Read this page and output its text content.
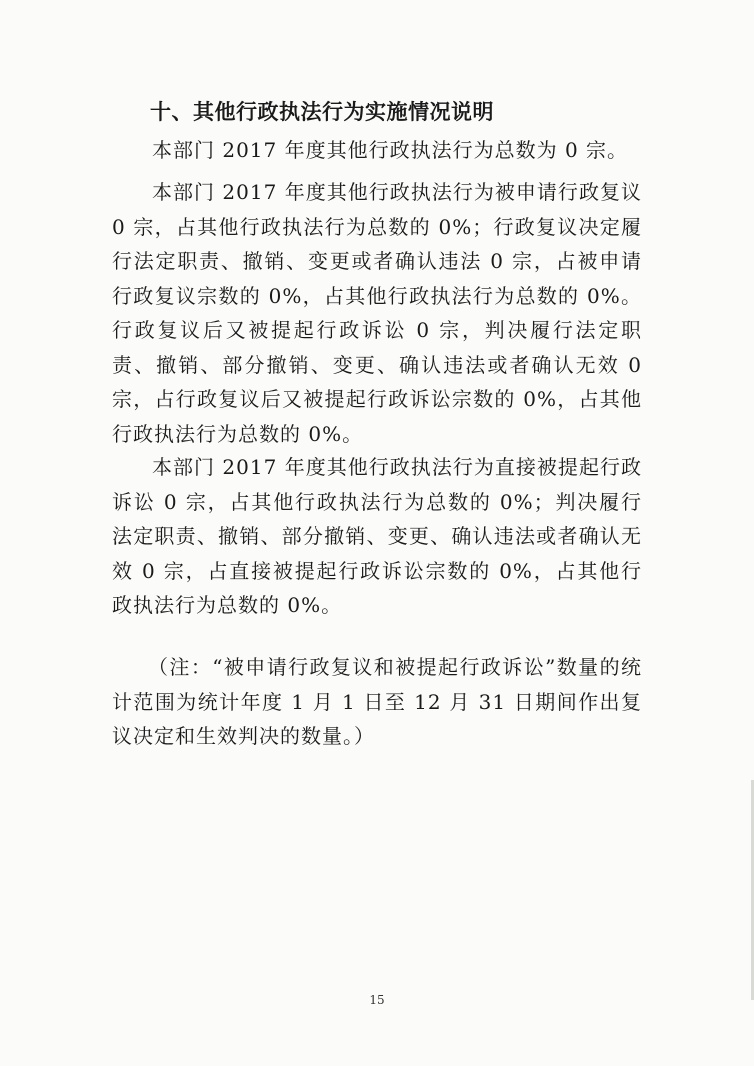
十、其他行政执法行为实施情况说明

本部门 2017 年度其他行政执法行为总数为 0 宗。

本部门 2017 年度其他行政执法行为被申请行政复议 0 宗，占其他行政执法行为总数的 0%；行政复议决定履行法定职责、撤销、变更或者确认违法 0 宗，占被申请行政复议宗数的 0%，占其他行政执法行为总数的 0%。行政复议后又被提起行政诉讼 0 宗，判决履行法定职责、撤销、部分撤销、变更、确认违法或者确认无效 0 宗，占行政复议后又被提起行政诉讼宗数的 0%，占其他行政执法行为总数的 0%。

本部门 2017 年度其他行政执法行为直接被提起行政诉讼 0 宗，占其他行政执法行为总数的 0%；判决履行法定职责、撤销、部分撤销、变更、确认违法或者确认无效 0 宗，占直接被提起行政诉讼宗数的 0%，占其他行政执法行为总数的 0%。

（注：“被申请行政复议和被提起行政诉讼”数量的统计范围为统计年度 1 月 1 日至 12 月 31 日期间作出复议决定和生效判决的数量。）

15
